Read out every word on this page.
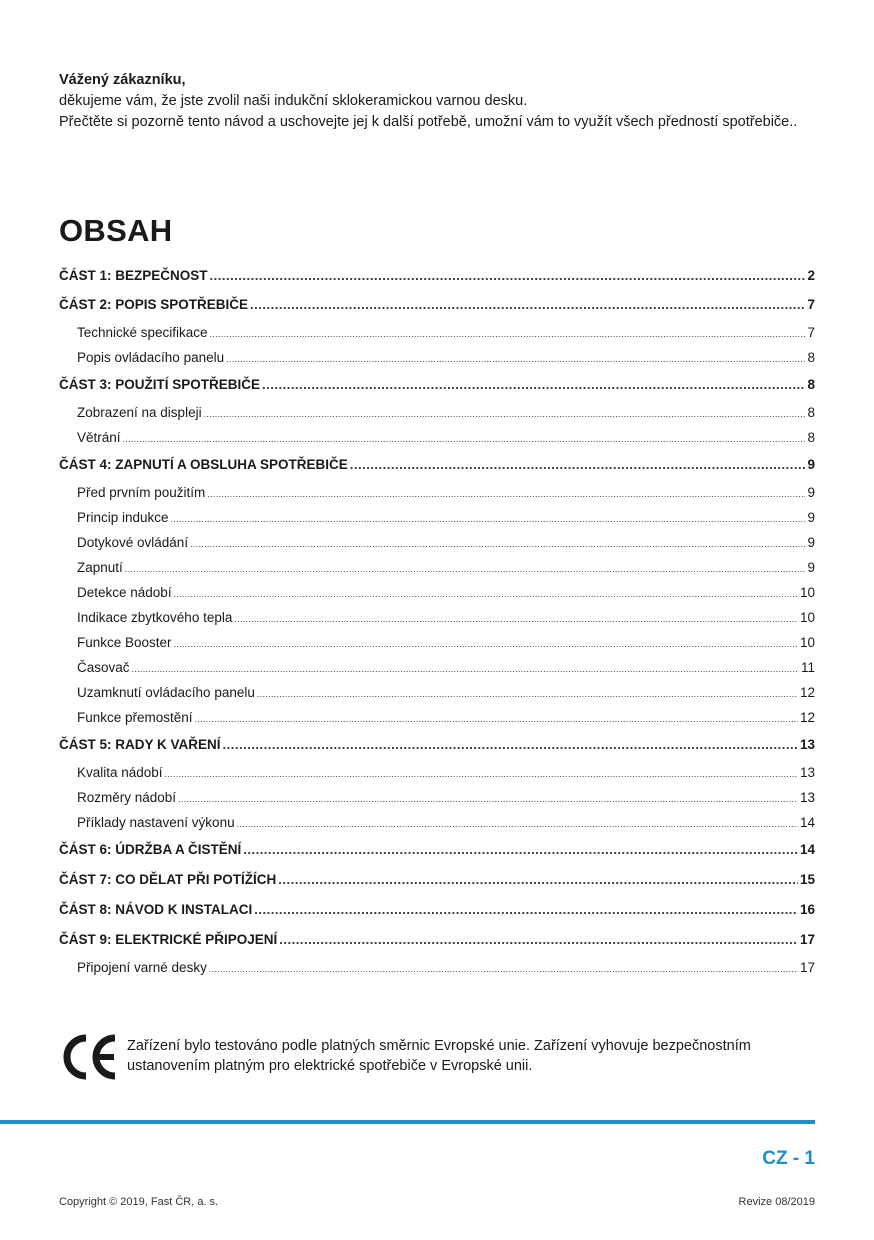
Vážený zákazníku,
děkujeme vám, že jste zvolil naši indukční sklokeramickou varnou desku.
Přečtěte si pozorně tento návod a uschovejte jej k další potřebě, umožní vám to využít všech předností spotřebiče..
OBSAH
ČÁST 1: BEZPEČNOST .....	2
ČÁST 2: POPIS SPOTŘEBIČE .....	7
Technické specifikace .....	7
Popis ovládacího panelu .....	8
ČÁST 3: POUŽITÍ SPOTŘEBIČE .....	8
Zobrazení na displeji .....	8
Větrání .....	8
ČÁST 4: ZAPNUTÍ A OBSLUHA SPOTŘEBIČE .....	9
Před prvním použitím .....	9
Princip indukce .....	9
Dotykové ovládání .....	9
Zapnutí .....	9
Detekce nádobí .....	10
Indikace zbytkového tepla .....	10
Funkce Booster .....	10
Časovač .....	11
Uzamknutí ovládacího panelu .....	12
Funkce přemostění .....	12
ČÁST 5: RADY K VAŘENÍ .....	13
Kvalita nádobí .....	13
Rozměry nádobí .....	13
Příklady nastavení výkonu .....	14
ČÁST 6: ÚDRŽBA A ČISTĚNÍ .....	14
ČÁST 7: CO DĚLAT PŘI POTÍŽÍCH .....	15
ČÁST 8: NÁVOD K INSTALACI .....	16
ČÁST 9: ELEKTRICKÉ PŘIPOJENÍ .....	17
Připojení varné desky .....	17
Zařízení bylo testováno podle platných směrnic Evropské unie. Zařízení vyhovuje bezpečnostním ustanovením platným pro elektrické spotřebiče v Evropské unii.
CZ - 1
Copyright © 2019, Fast ČR, a. s.	Revize 08/2019
